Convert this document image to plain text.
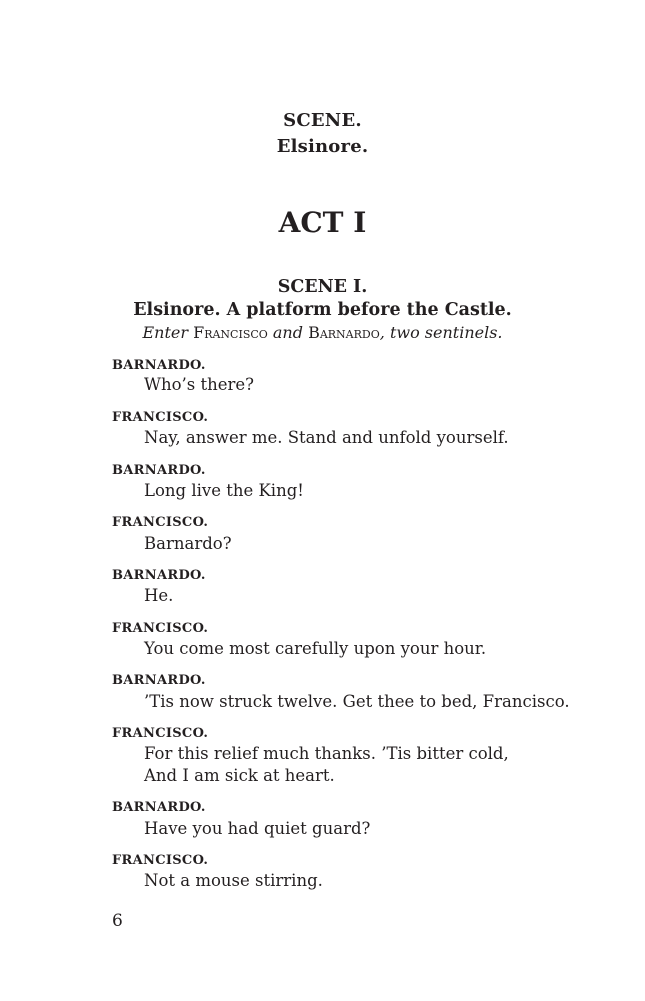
SCENE.
Elsinore.
ACT I
SCENE I.
Elsinore. A platform before the Castle.
Enter Francisco and Barnardo, two sentinels.
BARNARDO.
Who’s there?
FRANCISCO.
Nay, answer me. Stand and unfold yourself.
BARNARDO.
Long live the King!
FRANCISCO.
Barnardo?
BARNARDO.
He.
FRANCISCO.
You come most carefully upon your hour.
BARNARDO.
’Tis now struck twelve. Get thee to bed, Francisco.
FRANCISCO.
For this relief much thanks. ’Tis bitter cold,
And I am sick at heart.
BARNARDO.
Have you had quiet guard?
FRANCISCO.
Not a mouse stirring.
6
